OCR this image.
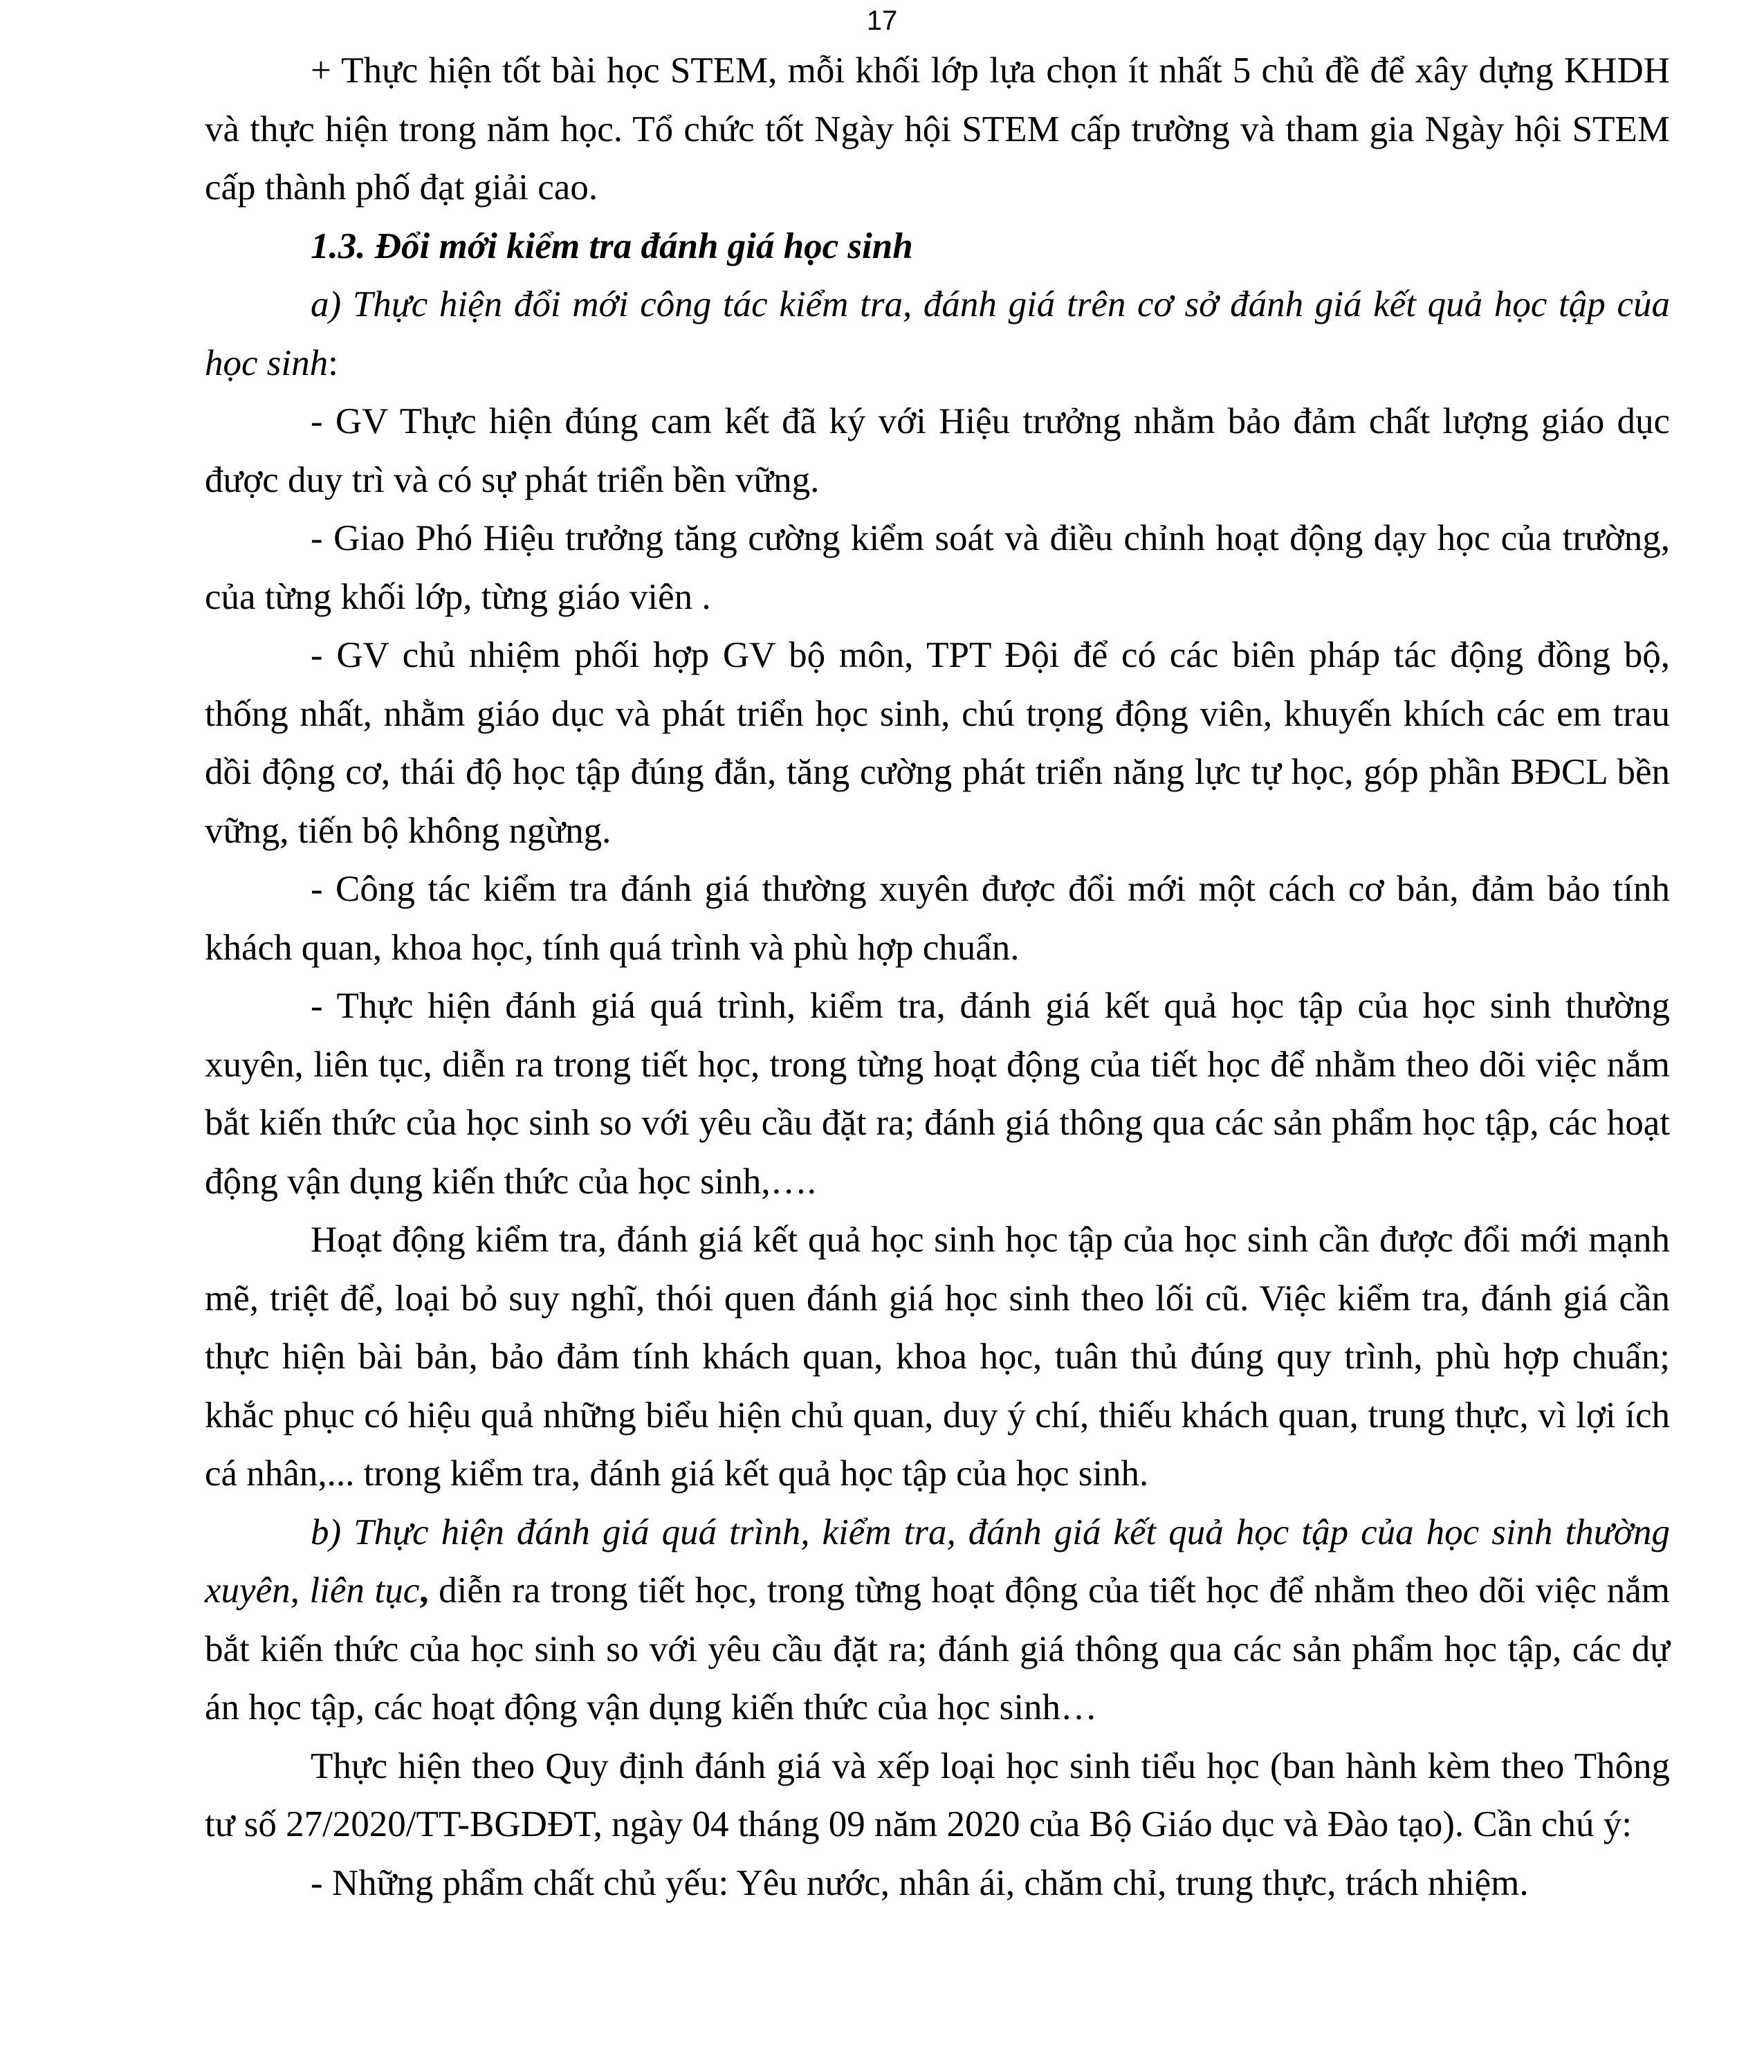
17

+ Thực hiện tốt bài học STEM, mỗi khối lớp lựa chọn ít nhất 5 chủ đề để xây dựng KHDH và thực hiện trong năm học. Tổ chức tốt Ngày hội STEM cấp trường và tham gia Ngày hội STEM cấp thành phố đạt giải cao.

1.3. Đổi mới kiểm tra đánh giá học sinh

a) Thực hiện đổi mới công tác kiểm tra, đánh giá trên cơ sở đánh giá kết quả học tập của học sinh:

- GV Thực hiện đúng cam kết đã ký với Hiệu trưởng nhằm bảo đảm chất lượng giáo dục được duy trì và có sự phát triển bền vững.

- Giao Phó Hiệu trưởng tăng cường kiểm soát và điều chỉnh hoạt động dạy học của trường, của từng khối lớp, từng giáo viên .

- GV chủ nhiệm phối hợp GV bộ môn, TPT Đội để có các biên pháp tác động đồng bộ, thống nhất, nhằm giáo dục và phát triển học sinh, chú trọng động viên, khuyến khích các em trau dồi động cơ, thái độ học tập đúng đắn, tăng cường phát triển năng lực tự học, góp phần BĐCL bền vững, tiến bộ không ngừng.

- Công tác kiểm tra đánh giá thường xuyên được đổi mới một cách cơ bản, đảm bảo tính khách quan, khoa học, tính quá trình và phù hợp chuẩn.

- Thực hiện đánh giá quá trình, kiểm tra, đánh giá kết quả học tập của học sinh thường xuyên, liên tục, diễn ra trong tiết học, trong từng hoạt động của tiết học để nhằm theo dõi việc nắm bắt kiến thức của học sinh so với yêu cầu đặt ra; đánh giá thông qua các sản phẩm học tập, các hoạt động vận dụng kiến thức của học sinh,….

Hoạt động kiểm tra, đánh giá kết quả học sinh học tập của học sinh cần được đổi mới mạnh mẽ, triệt để, loại bỏ suy nghĩ, thói quen đánh giá học sinh theo lối cũ. Việc kiểm tra, đánh giá cần thực hiện bài bản, bảo đảm tính khách quan, khoa học, tuân thủ đúng quy trình, phù hợp chuẩn; khắc phục có hiệu quả những biểu hiện chủ quan, duy ý chí, thiếu khách quan, trung thực, vì lợi ích cá nhân,... trong kiểm tra, đánh giá kết quả học tập của học sinh.

b) Thực hiện đánh giá quá trình, kiểm tra, đánh giá kết quả học tập của học sinh thường xuyên, liên tục, diễn ra trong tiết học, trong từng hoạt động của tiết học để nhằm theo dõi việc nắm bắt kiến thức của học sinh so với yêu cầu đặt ra; đánh giá thông qua các sản phẩm học tập, các dự án học tập, các hoạt động vận dụng kiến thức của học sinh…

Thực hiện theo Quy định đánh giá và xếp loại học sinh tiểu học (ban hành kèm theo Thông tư số 27/2020/TT-BGDĐT, ngày 04 tháng 09 năm 2020 của Bộ Giáo dục và Đào tạo). Cần chú ý:

- Những phẩm chất chủ yếu: Yêu nước, nhân ái, chăm chỉ, trung thực, trách nhiệm.
